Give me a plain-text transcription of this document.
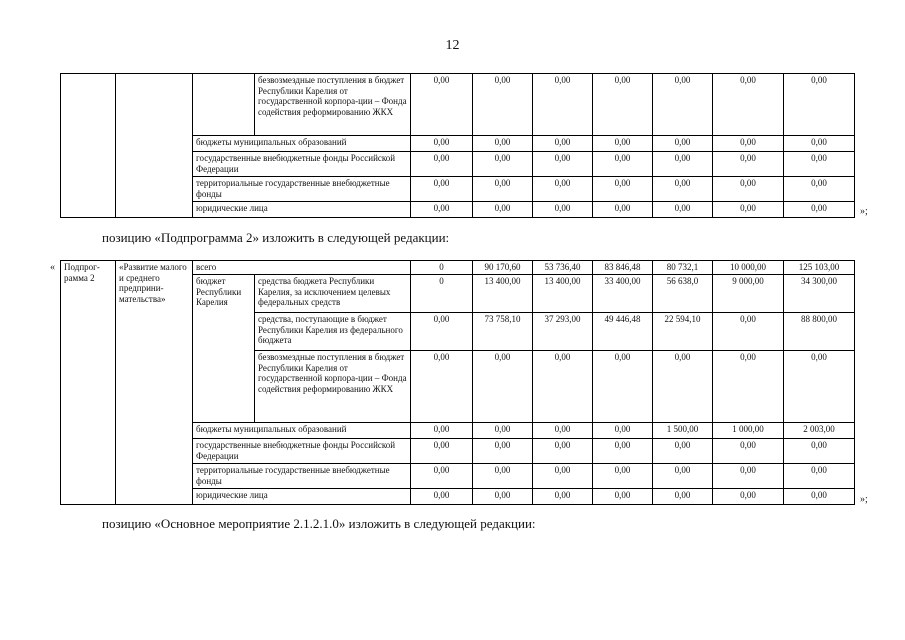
12
			безвозмездные поступления в бюджет Республики Карелия от государственной корпора-ции – Фонда содействия реформированию ЖКХ	0,00	0,00	0,00	0,00	0,00	0,00	0,00
		бюджеты муниципальных образований		0,00	0,00	0,00	0,00	0,00	0,00	0,00
		государственные внебюджетные фонды Российской Федерации		0,00	0,00	0,00	0,00	0,00	0,00	0,00
		территориальные государственные внебюджетные фонды		0,00	0,00	0,00	0,00	0,00	0,00	0,00
		юридические лица		0,00	0,00	0,00	0,00	0,00	0,00	0,00	»;
позицию «Подпрограмма 2» изложить в следующей редакции:
« Подпрог-рамма 2	«Развитие малого и среднего предприни-мательства»	всего		0	90 170,60	53 736,40	83 846,48	80 732,1	10 000,00	125 103,00
		бюджет Республики Карелия	средства бюджета Республики Карелия, за исключением целевых федеральных средств	0	13 400,00	13 400,00	33 400,00	56 638,0	9 000,00	34 300,00
			средства, поступающие в бюджет Республики Карелия из федерального бюджета	0,00	73 758,10	37 293,00	49 446,48	22 594,10	0,00	88 800,00
			безвозмездные поступления в бюджет Республики Карелия от государственной корпора-ции – Фонда содействия реформированию ЖКХ	0,00	0,00	0,00	0,00	0,00	0,00	0,00
		бюджеты муниципальных образований		0,00	0,00	0,00	0,00	1 500,00	1 000,00	2 003,00
		государственные внебюджетные фонды Российской Федерации		0,00	0,00	0,00	0,00	0,00	0,00	0,00
		территориальные государственные внебюджетные фонды		0,00	0,00	0,00	0,00	0,00	0,00	0,00
		юридические лица		0,00	0,00	0,00	0,00	0,00	0,00	0,00	»;
позицию «Основное мероприятие 2.1.2.1.0» изложить в следующей редакции:
